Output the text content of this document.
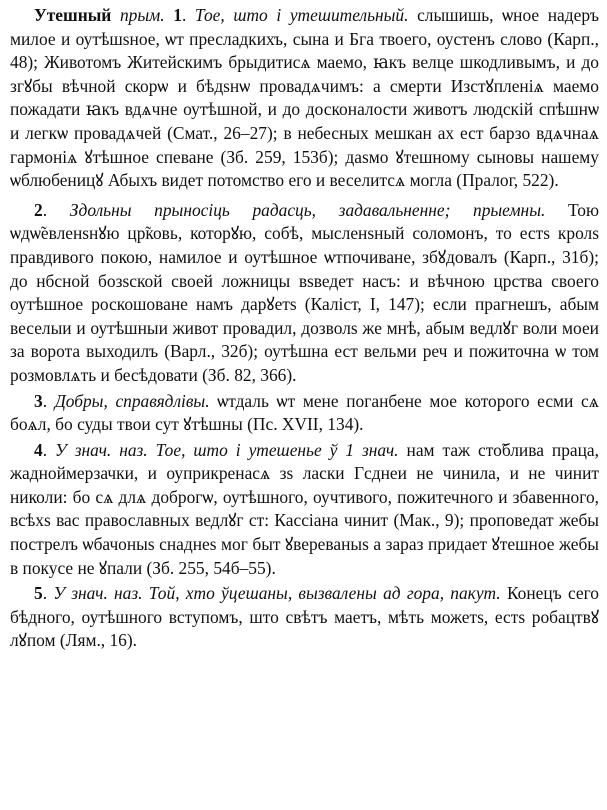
Утешный прым. 1. Тое, што і утешительный. слышишь, ѡное надеръ милое и оутѣшѕное, ѡт пресладкихъ, сына и Бга твоего, оустенъ слово (Карп., 48); Животомъ Житейскимъ брыдитисѧ маемо, ꙗкъ велце шкодливымъ, и до згꙋбы вѣчной скорѡ и бѣдѕнѡ провадѧчимъ: а смерти Изстꙋпленіѧ маемо пожадати ꙗкъ вдѧчне оутѣшной, и до досконалости животъ людскій спѣшнѡ и легкѡ провадѧчей (Смат., 26–27); в небесных мешкан ах ест барзо вдѧчнаѧ гармоніѧ ꙋтѣшное спеване (Зб. 259, 153б); даѕмо ꙋтешному сыновы нашему ѡблюбеницꙋ Абыхъ видет потомство его и веселитсѧ могла (Пралог, 522).

2. Здольны прыносіць радасць, задавальненне; прыемны. Тою ѡдѡ̃евленѕнꙋю цр̃ковь, которꙋю, собѣ, мысленѕный соломонъ, то естѕ кролѕ правдивого покою, намилое и оутѣшное ѡтпочиване, збꙋдовалъ (Карп., 31б); до нбсной бозѕской своей ложницы вѕведет насъ: и вѣчною црства своего оутѣшное роскошоване намъ дарꙋетѕ (Каліст, І, 147); если прагнешъ, абым веселыи и оутѣшныи живот провадил, дозволѕ же мнѣ, абым ведлꙋг воли моеи за ворота выходилъ (Варл., 32б); оутѣшна ест вельми реч и пожиточна ѡ том розмовлѧть и бесѣдовати (Зб. 82, 366).

3. Добры, справядлівы. ѡтдаль ѡт мене поганбене мое которого есми сѧ боѧл, бо суды твои сут ꙋтѣшны (Пс. XVII, 134).

4. У знач. наз. Тое, што і утешенье ў 1 знач. нам таж сто̃блива праца, жадноймерзачки, и оуприкренасѧ зѕ ласки Гсднеи не чинила, и не чинит николи: бо сѧ длѧ доброгѡ, оутѣшного, оучтивого, пожитечного и збавенного, всѣхѕ вас православных ведлꙋг ст: Кассіана чинит (Мак., 9); проповедат жебы пострелъ ѡбачоныѕ снаднеѕ мог быт ꙋвереваныѕ а зараз придает ꙋтешное жебы в покусе не ꙋпали (Зб. 255, 54б–55).

5. У знач. наз. Той, хто ўцешаны, вызвалены ад гора, пакут. Конецъ сего бѣдного, оутѣшного вступомъ, што свѣтъ маетъ, мѣть можетѕ, естѕ робацтвꙋ лꙋпом (Лям., 16).
